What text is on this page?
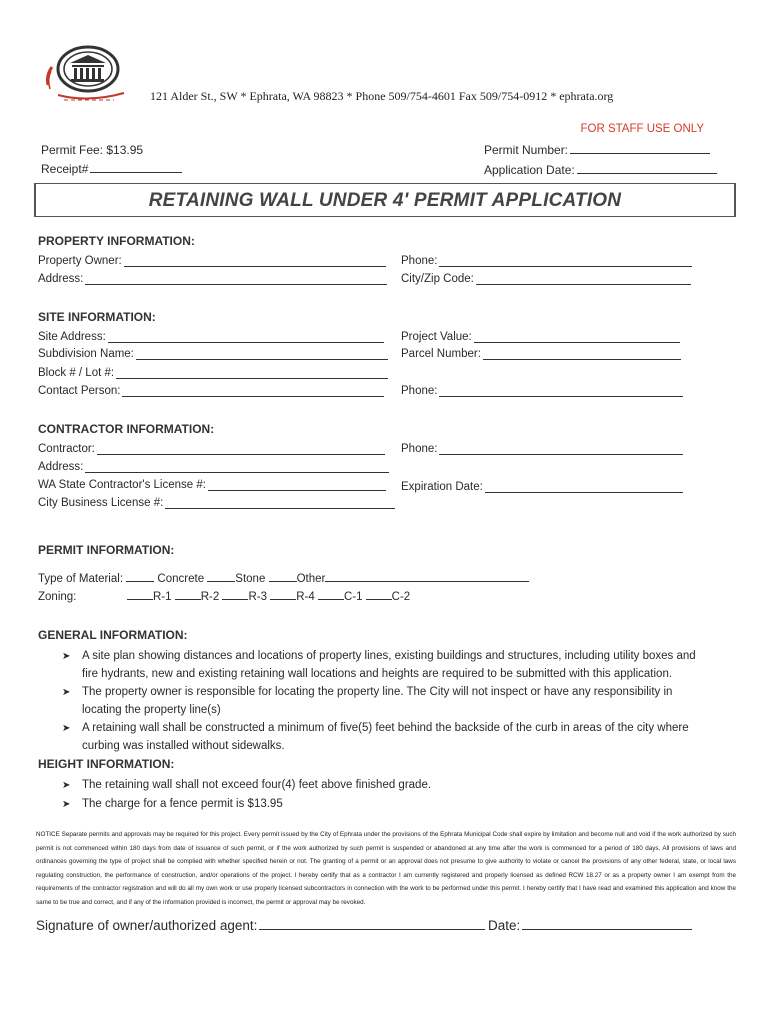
121 Alder St., SW * Ephrata, WA 98823 * Phone 509/754-4601 Fax 509/754-0912 * ephrata.org
FOR STAFF USE ONLY
Permit Fee: $13.95
Receipt#
Permit Number:
Application Date:
RETAINING WALL UNDER 4' PERMIT APPLICATION
PROPERTY INFORMATION:
Property Owner:
Address:
Phone:
City/Zip Code:
SITE INFORMATION:
Site Address:
Subdivision Name:
Block # / Lot #:
Contact Person:
Project Value:
Parcel Number:
Phone:
CONTRACTOR INFORMATION:
Contractor:
Address:
WA State Contractor's License #:
City Business License #:
Phone:
Expiration Date:
PERMIT INFORMATION:
Type of Material:	Concrete	Stone	Other
Zoning:	R-1	R-2	R-3	R-4	C-1	C-2
GENERAL INFORMATION:
➤	A site plan showing distances and locations of property lines, existing buildings and structures, including utility boxes and fire hydrants, new and existing retaining wall locations and heights are required to be submitted with this application.
➤	The property owner is responsible for locating the property line. The City will not inspect or have any responsibility in locating the property line(s)
➤	A retaining wall shall be constructed a minimum of five(5) feet behind the backside of the curb in areas of the city where curbing was installed without sidewalks.
HEIGHT INFORMATION:
➤	The retaining wall shall not exceed four(4) feet above finished grade.
➤	The charge for a fence permit is $13.95
NOTICE Separate permits and approvals may be required for this project. Every permit issued by the City of Ephrata under the provisions of the Ephrata Municipal Code shall expire by limitation and become null and void if the work authorized by such permit is not commenced within 180 days from date of issuance of such permit, or if the work authorized by such permit is suspended or abandoned at any time after the work is commenced for a period of 180 days. All provisions of laws and ordinances governing the type of project shall be complied with whether specified herein or not. The granting of a permit or an approval does not presume to give authority to violate or cancel the provisions of any other federal, state, or local laws regulating construction, the performance of construction, and/or operations of the project. I hereby certify that as a contractor I am currently registered and properly licensed as defined RCW 18.27 or as a property owner I am exempt from the requirements of the contractor registration and will do all my own work or use properly licensed subcontractors in connection with the work to be performed under this permit. I hereby certify that I have read and examined this application and know the same to be true and correct, and if any of the information provided is incorrect, the permit or approval may be revoked.
Signature of owner/authorized agent:	Date:
